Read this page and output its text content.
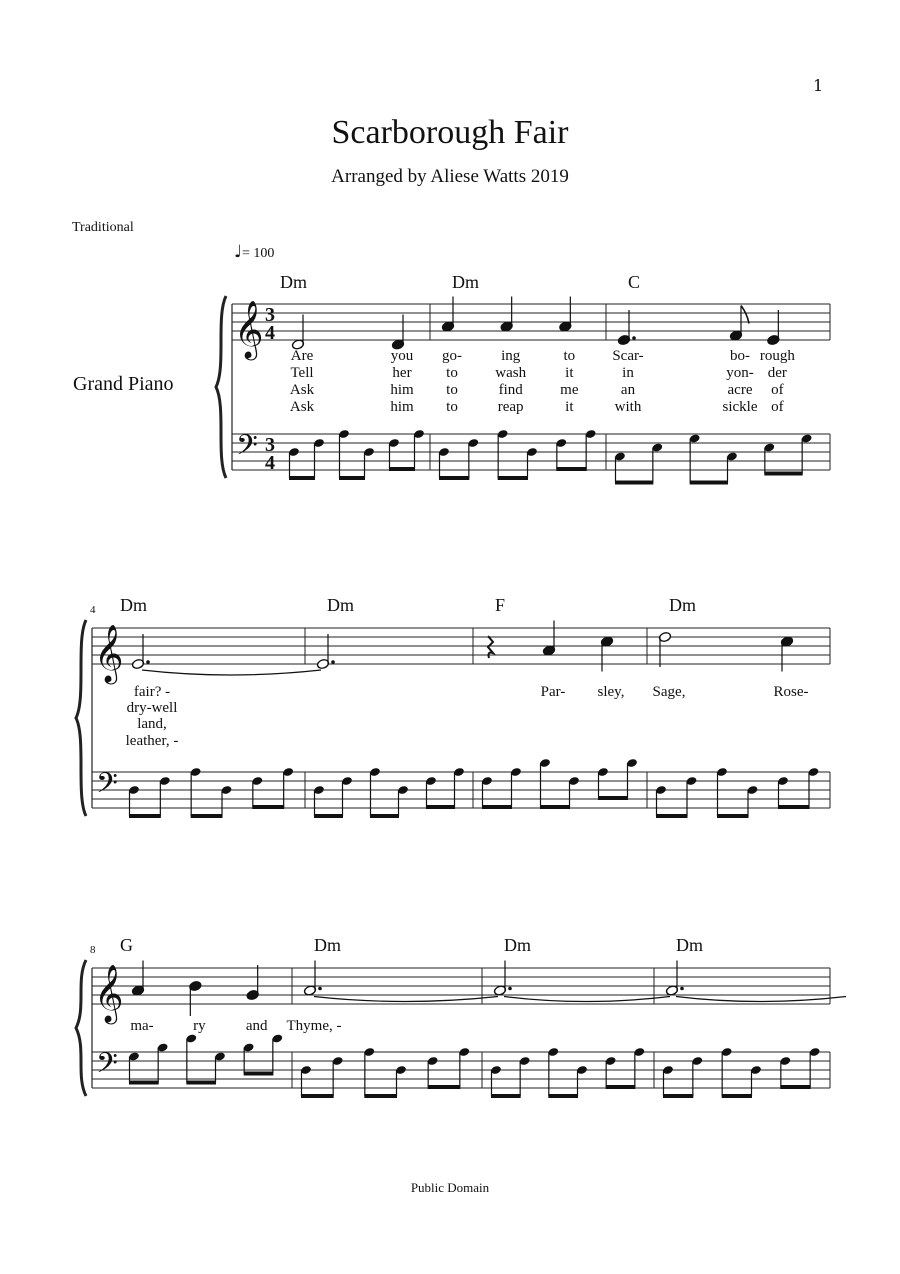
1
Scarborough Fair
Arranged by Aliese Watts 2019
Traditional
♩= 100
Grand Piano
𝄞
𝄢
3
4
3
4
Dm	Dm	C
Are	you go-	ing	to Scar-	bo- rough
Tell	her to wash	it	in	yon- der
Ask	him to	find me	an	acre of
Ask	him to	reap	it	with	sickle of
𝄞
𝄢
4 Dm	Dm	F	Dm
fair? -	Par- sley, Sage,	Rose-
dry-well
land,
leather, -
𝄞
𝄢
8 G	Dm	Dm	Dm
ma-	ry	and Thyme, -
Public Domain
